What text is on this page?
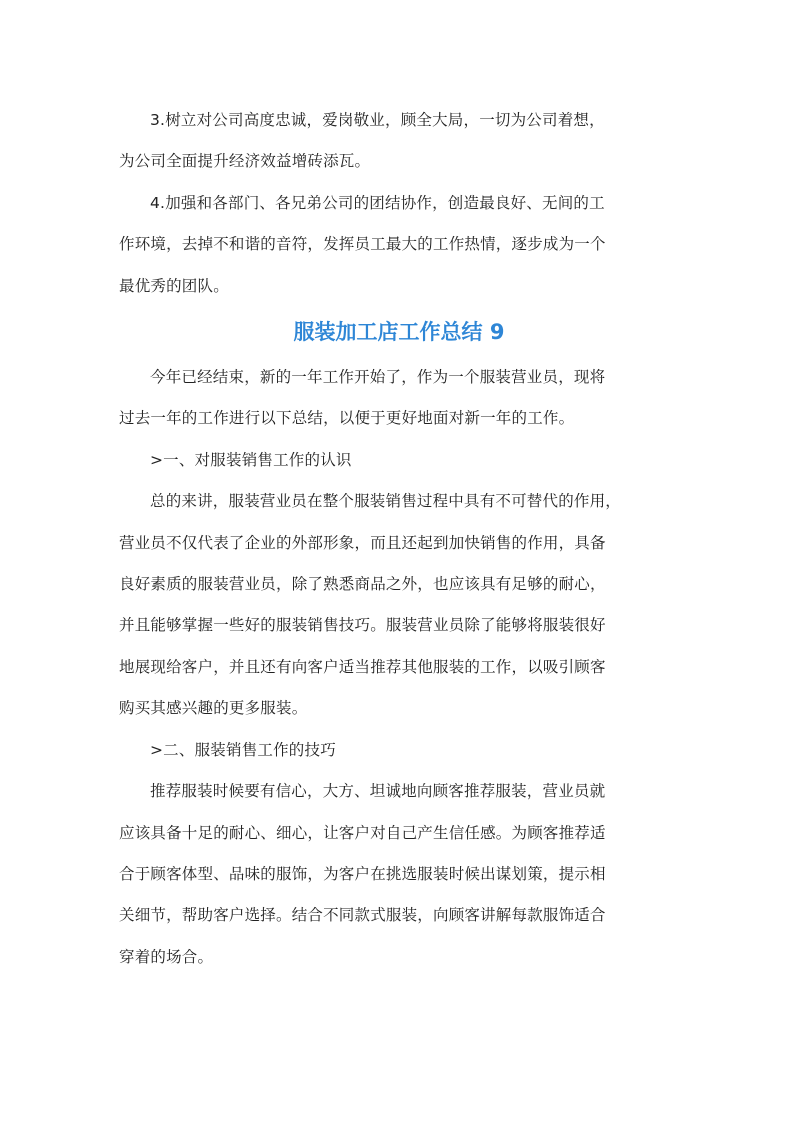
3.树立对公司高度忠诚，爱岗敬业，顾全大局，一切为公司着想，
为公司全面提升经济效益增砖添瓦。

4.加强和各部门、各兄弟公司的团结协作，创造最良好、无间的工
作环境，去掉不和谐的音符，发挥员工最大的工作热情，逐步成为一个
最优秀的团队。

服装加工店工作总结 9

今年已经结束，新的一年工作开始了，作为一个服装营业员，现将
过去一年的工作进行以下总结，以便于更好地面对新一年的工作。

>一、对服装销售工作的认识

总的来讲，服装营业员在整个服装销售过程中具有不可替代的作用，
营业员不仅代表了企业的外部形象，而且还起到加快销售的作用，具备
良好素质的服装营业员，除了熟悉商品之外，也应该具有足够的耐心，
并且能够掌握一些好的服装销售技巧。服装营业员除了能够将服装很好
地展现给客户，并且还有向客户适当推荐其他服装的工作，以吸引顾客
购买其感兴趣的更多服装。

>二、服装销售工作的技巧

推荐服装时候要有信心，大方、坦诚地向顾客推荐服装，营业员就
应该具备十足的耐心、细心，让客户对自己产生信任感。为顾客推荐适
合于顾客体型、品味的服饰，为客户在挑选服装时候出谋划策，提示相
关细节，帮助客户选择。结合不同款式服装，向顾客讲解每款服饰适合
穿着的场合。
